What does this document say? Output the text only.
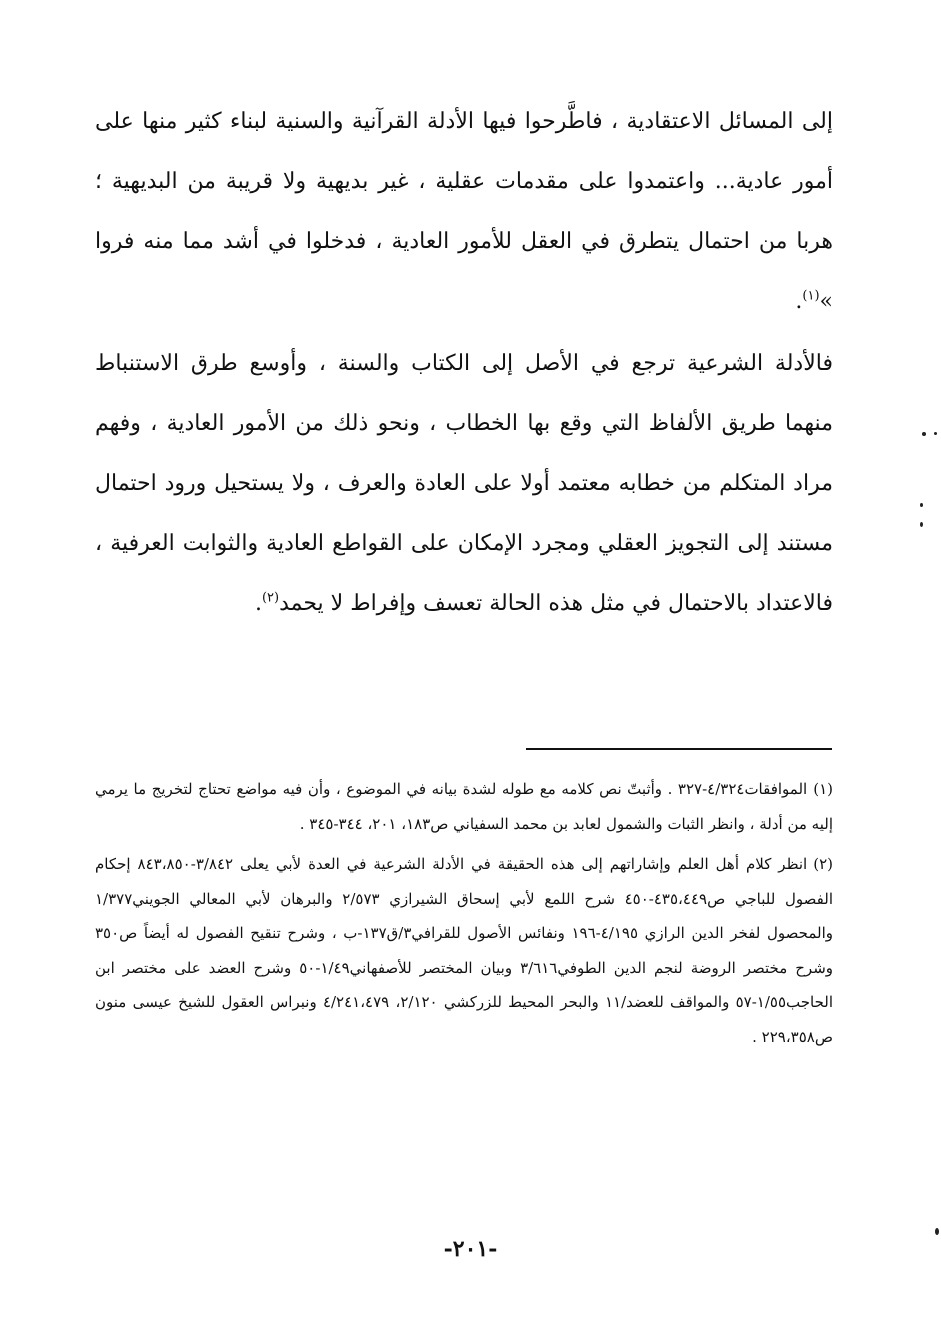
إلى المسائل الاعتقادية ، فاطَّرحوا فيها الأدلة القرآنية والسنية لبناء كثير منها على أمور عادية... واعتمدوا على مقدمات عقلية ، غير بديهية ولا قريبة من البديهية ؛ هربا من احتمال يتطرق في العقل للأمور العادية ، فدخلوا في أشد مما منه فروا »$^{(١)}$.

فالأدلة الشرعية ترجع في الأصل إلى الكتاب والسنة ، وأوسع طرق الاستنباط منهما طريق الألفاظ التي وقع بها الخطاب ، ونحو ذلك من الأمور العادية ، وفهم مراد المتكلم من خطابه معتمد أولا على العادة والعرف ، ولا يستحيل ورود احتمال مستند إلى التجويز العقلي ومجرد الإمكان على القواطع العادية والثوابت العرفية ، فالاعتداد بالاحتمال في مثل هذه الحالة تعسف وإفراط لا يحمد$^{(٢)}$.

(١)الموافقات٤/٣٢٤-٣٢٧ . وأثبتّ نص كلامه مع طوله لشدة بيانه في الموضوع ، وأن فيه مواضع تحتاج لتخريج ما يرمي إليه من أدلة ، وانظر الثبات والشمول لعابد بن محمد السفياني ص١٨٣، ٢٠١، ٣٤٤-٣٤٥ .

(٢)انظر كلام أهل العلم وإشاراتهم إلى هذه الحقيقة في الأدلة الشرعية في العدة لأبي يعلى ٣/٨٤٢-٨٤٣،٨٥٠ إحكام الفصول للباجي ص٤٣٥،٤٤٩-٤٥٠ شرح اللمع لأبي إسحاق الشيرازي ٢/٥٧٣ والبرهان لأبي المعالي الجويني١/٣٧٧ والمحصول لفخر الدين الرازي ٤/١٩٥-١٩٦ ونفائس الأصول للقرافي٣/ق١٣٧-ب ، وشرح تنقيح الفصول له أيضاً ص٣٥٠ وشرح مختصر الروضة لنجم الدين الطوفي٣/٦١٦ وبيان المختصر للأصفهاني١/٤٩-٥٠ وشرح العضد على مختصر ابن الحاجب١/٥٥-٥٧ والمواقف للعضد/١١ والبحر المحيط للزركشي ٢/١٢٠، ٤/٢٤١،٤٧٩ ونبراس العقول للشيخ عيسى منون ص٢٢٩،٣٥٨ .

-٢٠١-
